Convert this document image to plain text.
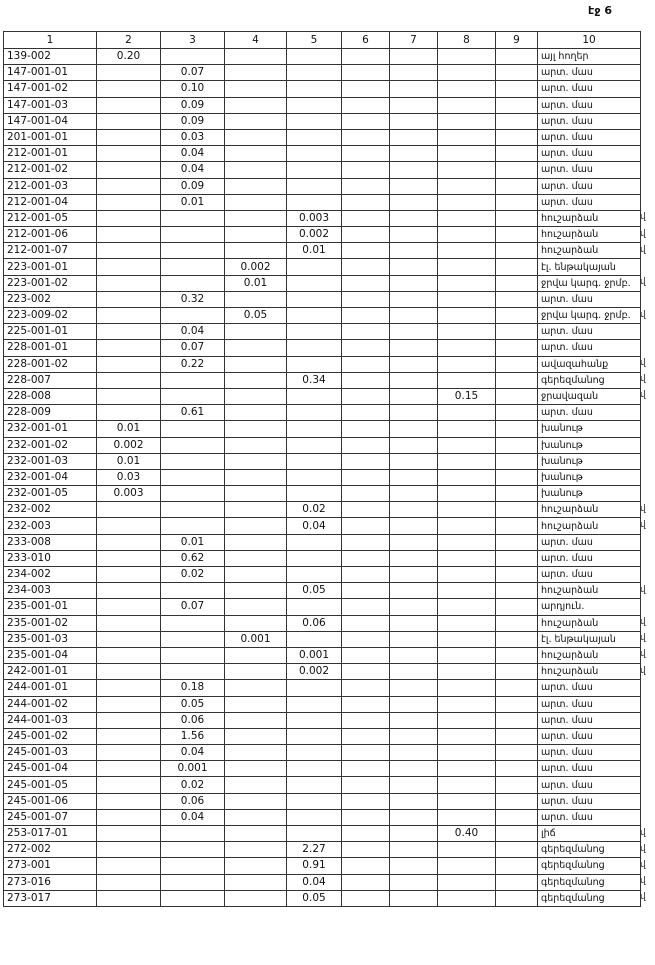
էջ 6
1	2	3	4	5	6	7	8	9	10
139-002	0.20								այլ հողեր
147-001-01		0.07							արտ. մաս
147-001-02		0.10							արտ. մաս
147-001-03		0.09							արտ. մաս
147-001-04		0.09							արտ. մաս
201-001-01		0.03							արտ. մաս
212-001-01		0.04							արտ. մաս
212-001-02		0.04							արտ. մաս
212-001-03		0.09							արտ. մաս
212-001-04		0.01							արտ. մաս
212-001-05				0.003					հուշարձան
212-001-06				0.002					հուշարձան
212-001-07				0.01					հուշարձան
223-001-01			0.002						էլ. ենթակայան
223-001-02			0.01						ջրվա կարգ. ջրմբ.
223-002		0.32							արտ. մաս
223-009-02			0.05						ջրվա կարգ. ջրմբ.
225-001-01		0.04							արտ. մաս
228-001-01		0.07							արտ. մաս
228-001-02		0.22							ավազահանք
228-007				0.34					գերեզմանոց
228-008							0.15		ջրավազան
228-009		0.61							արտ. մաս
232-001-01	0.01								խանութ
232-001-02	0.002								խանութ
232-001-03	0.01								խանութ
232-001-04	0.03								խանութ
232-001-05	0.003								խանութ
232-002				0.02					հուշարձան
232-003				0.04					հուշարձան
233-008		0.01							արտ. մաս
233-010		0.62							արտ. մաս
234-002		0.02							արտ. մաս
234-003				0.05					հուշարձան
235-001-01		0.07							արդյուն.
235-001-02				0.06					հուշարձան
235-001-03			0.001						էլ. ենթակայան
235-001-04				0.001					հուշարձան
242-001-01				0.002					հուշարձան
244-001-01		0.18							արտ. մաս
244-001-02		0.05							արտ. մաս
244-001-03		0.06							արտ. մաս
245-001-02		1.56							արտ. մաս
245-001-03		0.04							արտ. մաս
245-001-04		0.001							արտ. մաս
245-001-05		0.02							արտ. մաս
245-001-06		0.06							արտ. մաս
245-001-07		0.04							արտ. մաս
253-017-01							0.40		լիճ
272-002				2.27					գերեզմանոց
273-001				0.91					գերեզմանոց
273-016				0.04					գերեզմանոց
273-017				0.05					գերեզմանոց
վ
վ
վ
վ
վ
վ
վ
վ
վ
վ
վ
վ
վ
վ
վ
վ
վ
վ
վ
վ
